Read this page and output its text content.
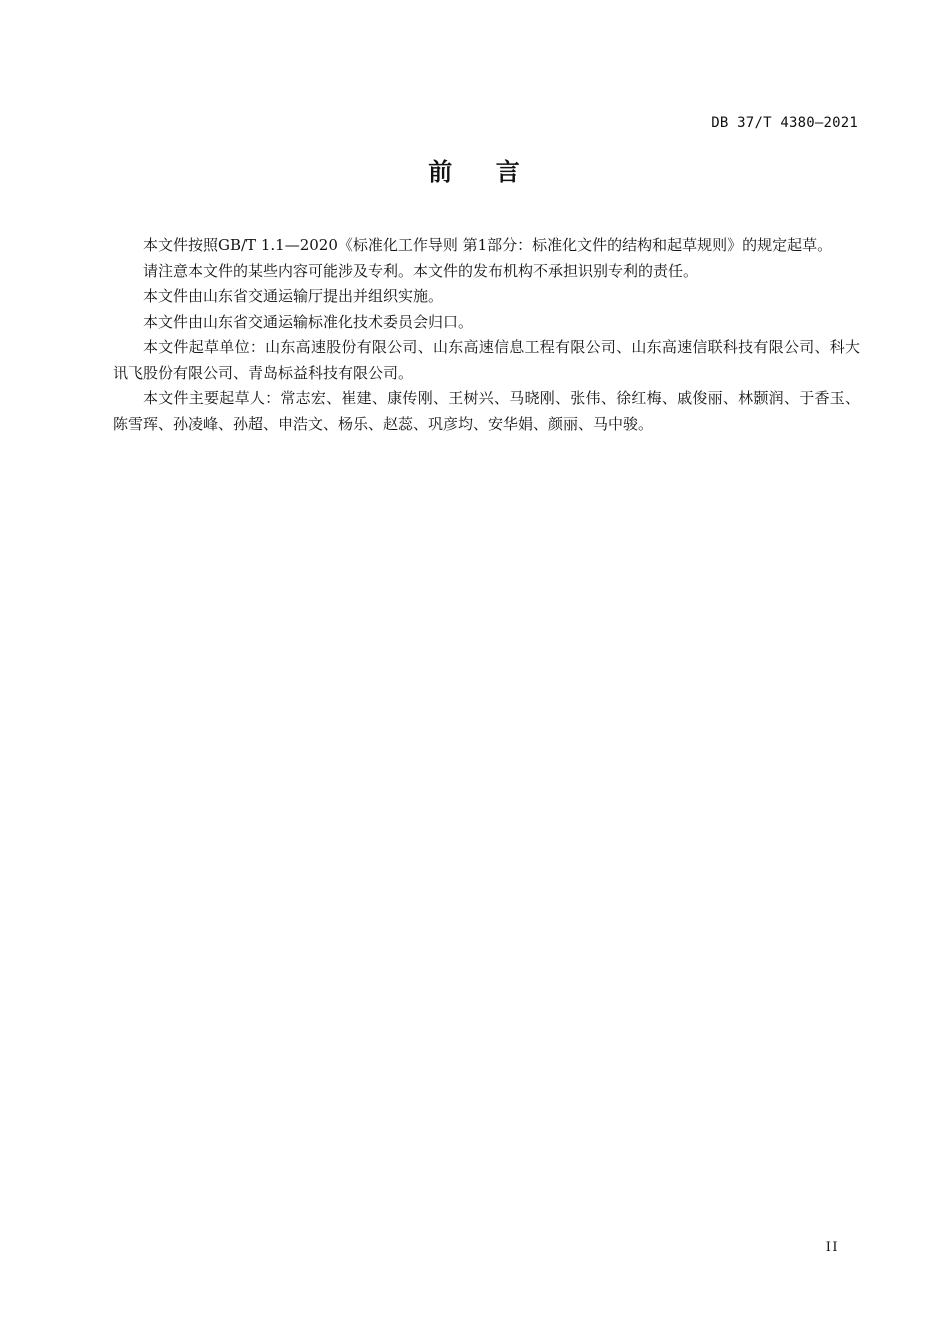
DB 37/T 4380—2021
前    言

本文件按照GB/T 1.1—2020《标准化工作导则 第1部分：标准化文件的结构和起草规则》的规定起草。

请注意本文件的某些内容可能涉及专利。本文件的发布机构不承担识别专利的责任。

本文件由山东省交通运输厅提出并组织实施。

本文件由山东省交通运输标准化技术委员会归口。

本文件起草单位：山东高速股份有限公司、山东高速信息工程有限公司、山东高速信联科技有限公司、科大讯飞股份有限公司、青岛标益科技有限公司。

本文件主要起草人：常志宏、崔建、康传刚、王树兴、马晓刚、张伟、徐红梅、戚俊丽、林颢润、于香玉、陈雪珲、孙凌峰、孙超、申浩文、杨乐、赵蕊、巩彦均、安华娟、颜丽、马中骏。

II
